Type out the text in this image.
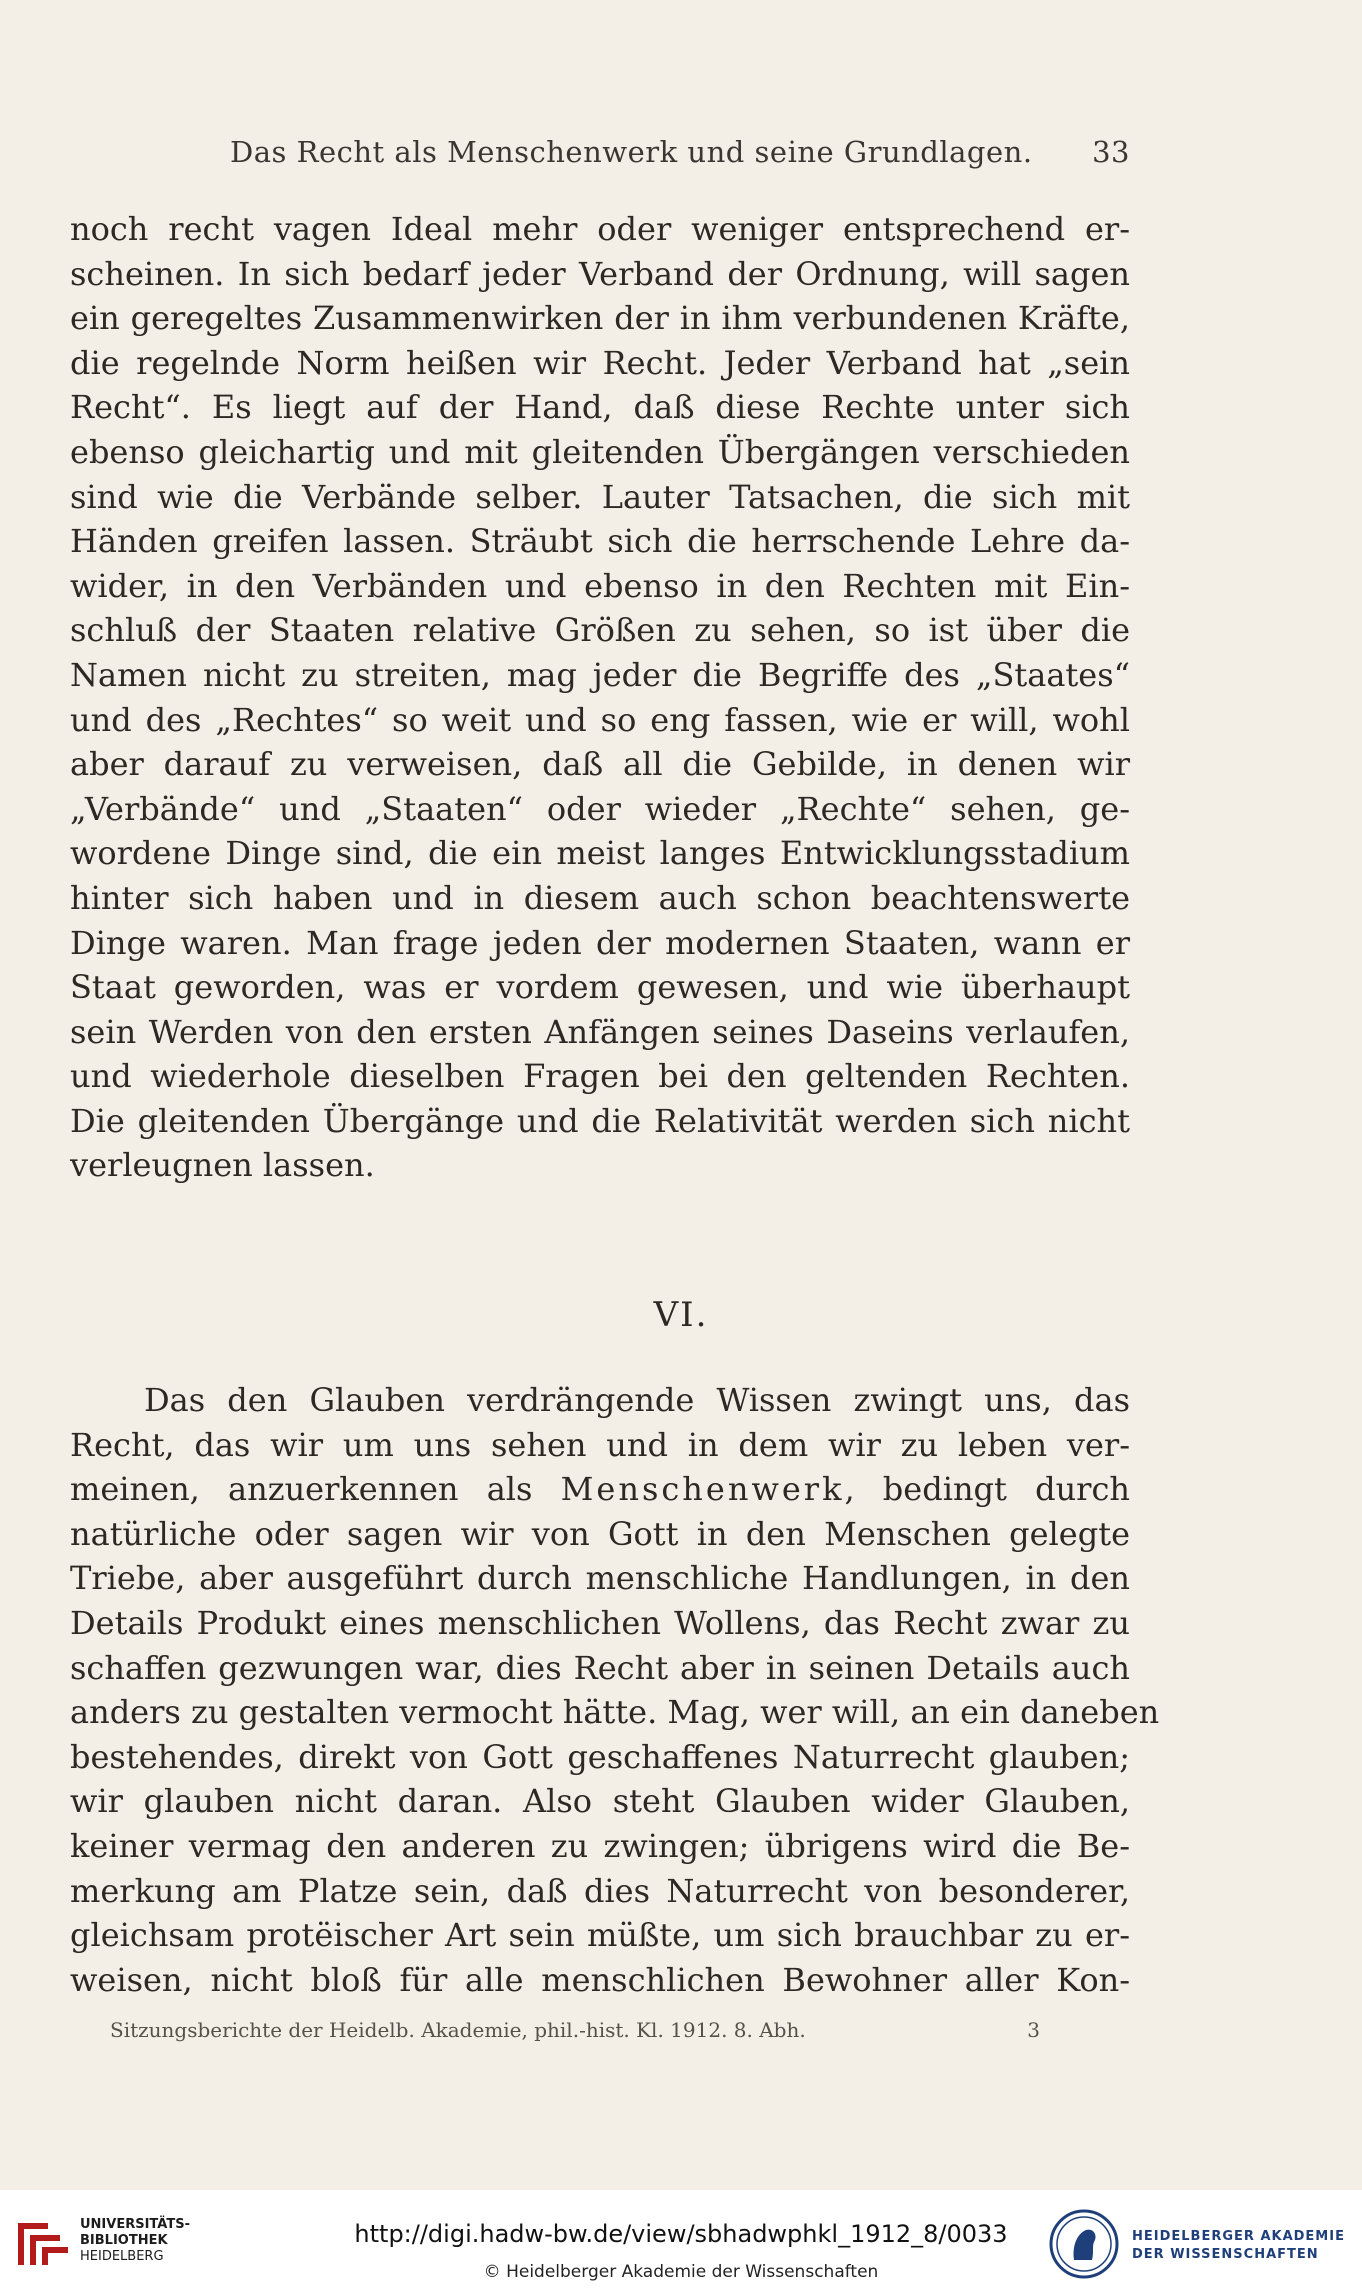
Das Recht als Menschenwerk und seine Grundlagen. 33
noch recht vagen Ideal mehr oder weniger entsprechend er-
scheinen. In sich bedarf jeder Verband der Ordnung, will sagen
ein geregeltes Zusammenwirken der in ihm verbundenen Kräfte,
die regelnde Norm heißen wir Recht. Jeder Verband hat „sein
Recht“. Es liegt auf der Hand, daß diese Rechte unter sich
ebenso gleichartig und mit gleitenden Übergängen verschieden
sind wie die Verbände selber. Lauter Tatsachen, die sich mit
Händen greifen lassen. Sträubt sich die herrschende Lehre da-
wider, in den Verbänden und ebenso in den Rechten mit Ein-
schluß der Staaten relative Größen zu sehen, so ist über die
Namen nicht zu streiten, mag jeder die Begriffe des „Staates“
und des „Rechtes“ so weit und so eng fassen, wie er will, wohl
aber darauf zu verweisen, daß all die Gebilde, in denen wir
„Verbände“ und „Staaten“ oder wieder „Rechte“ sehen, ge-
wordene Dinge sind, die ein meist langes Entwicklungsstadium
hinter sich haben und in diesem auch schon beachtenswerte
Dinge waren. Man frage jeden der modernen Staaten, wann er
Staat geworden, was er vordem gewesen, und wie überhaupt
sein Werden von den ersten Anfängen seines Daseins verlaufen,
und wiederhole dieselben Fragen bei den geltenden Rechten.
Die gleitenden Übergänge und die Relativität werden sich nicht
verleugnen lassen.
VI.
Das den Glauben verdrängende Wissen zwingt uns, das
Recht, das wir um uns sehen und in dem wir zu leben ver-
meinen, anzuerkennen als Menschenwerk, bedingt durch
natürliche oder sagen wir von Gott in den Menschen gelegte
Triebe, aber ausgeführt durch menschliche Handlungen, in den
Details Produkt eines menschlichen Wollens, das Recht zwar zu
schaffen gezwungen war, dies Recht aber in seinen Details auch
anders zu gestalten vermocht hätte. Mag, wer will, an ein daneben
bestehendes, direkt von Gott geschaffenes Naturrecht glauben;
wir glauben nicht daran. Also steht Glauben wider Glauben,
keiner vermag den anderen zu zwingen; übrigens wird die Be-
merkung am Platze sein, daß dies Naturrecht von besonderer,
gleichsam protëischer Art sein müßte, um sich brauchbar zu er-
weisen, nicht bloß für alle menschlichen Bewohner aller Kon-
Sitzungsberichte der Heidelb. Akademie, phil.-hist. Kl. 1912. 8. Abh.	3
UNIVERSITÄTS-
BIBLIOTHEK
HEIDELBERG
http://digi.hadw-bw.de/view/sbhadwphkl_1912_8/0033
© Heidelberger Akademie der Wissenschaften
HEIDELBERGER AKADEMIE
DER WISSENSCHAFTEN
